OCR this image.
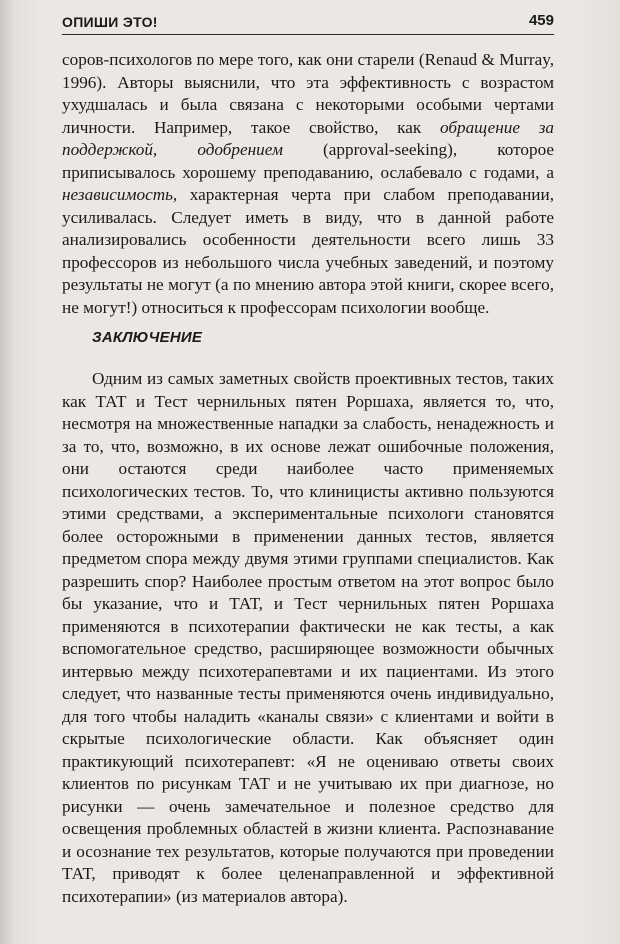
ОПИШИ ЭТО!	459

соров-психологов по мере того, как они старели (Renaud & Murray, 1996). Авторы выяснили, что эта эффективность с возрастом ухудшалась и была связана с некоторыми особыми чертами личности. Например, такое свойство, как обращение за поддержкой, одобрением (approval-seeking), которое приписывалось хорошему преподаванию, ослабевало с годами, а независимость, характерная черта при слабом преподавании, усиливалась. Следует иметь в виду, что в данной работе анализировались особенности деятельности всего лишь 33 профессоров из небольшого числа учебных заведений, и поэтому результаты не могут (а по мнению автора этой книги, скорее всего, не могут!) относиться к профессорам психологии вообще.

ЗАКЛЮЧЕНИЕ

Одним из самых заметных свойств проективных тестов, таких как ТАТ и Тест чернильных пятен Роршаха, является то, что, несмотря на множественные нападки за слабость, ненадежность и за то, что, возможно, в их основе лежат ошибочные положения, они остаются среди наиболее часто применяемых психологических тестов. То, что клиницисты активно пользуются этими средствами, а экспериментальные психологи становятся более осторожными в применении данных тестов, является предметом спора между двумя этими группами специалистов. Как разрешить спор? Наиболее простым ответом на этот вопрос было бы указание, что и ТАТ, и Тест чернильных пятен Роршаха применяются в психотерапии фактически не как тесты, а как вспомогательное средство, расширяющее возможности обычных интервью между психотерапевтами и их пациентами. Из этого следует, что названные тесты применяются очень индивидуально, для того чтобы наладить «каналы связи» с клиентами и войти в скрытые психологические области. Как объясняет один практикующий психотерапевт: «Я не оцениваю ответы своих клиентов по рисункам ТАТ и не учитываю их при диагнозе, но рисунки — очень замечательное и полезное средство для освещения проблемных областей в жизни клиента. Распознавание и осознание тех результатов, которые получаются при проведении ТАТ, приводят к более целенаправленной и эффективной психотерапии» (из материалов автора).
